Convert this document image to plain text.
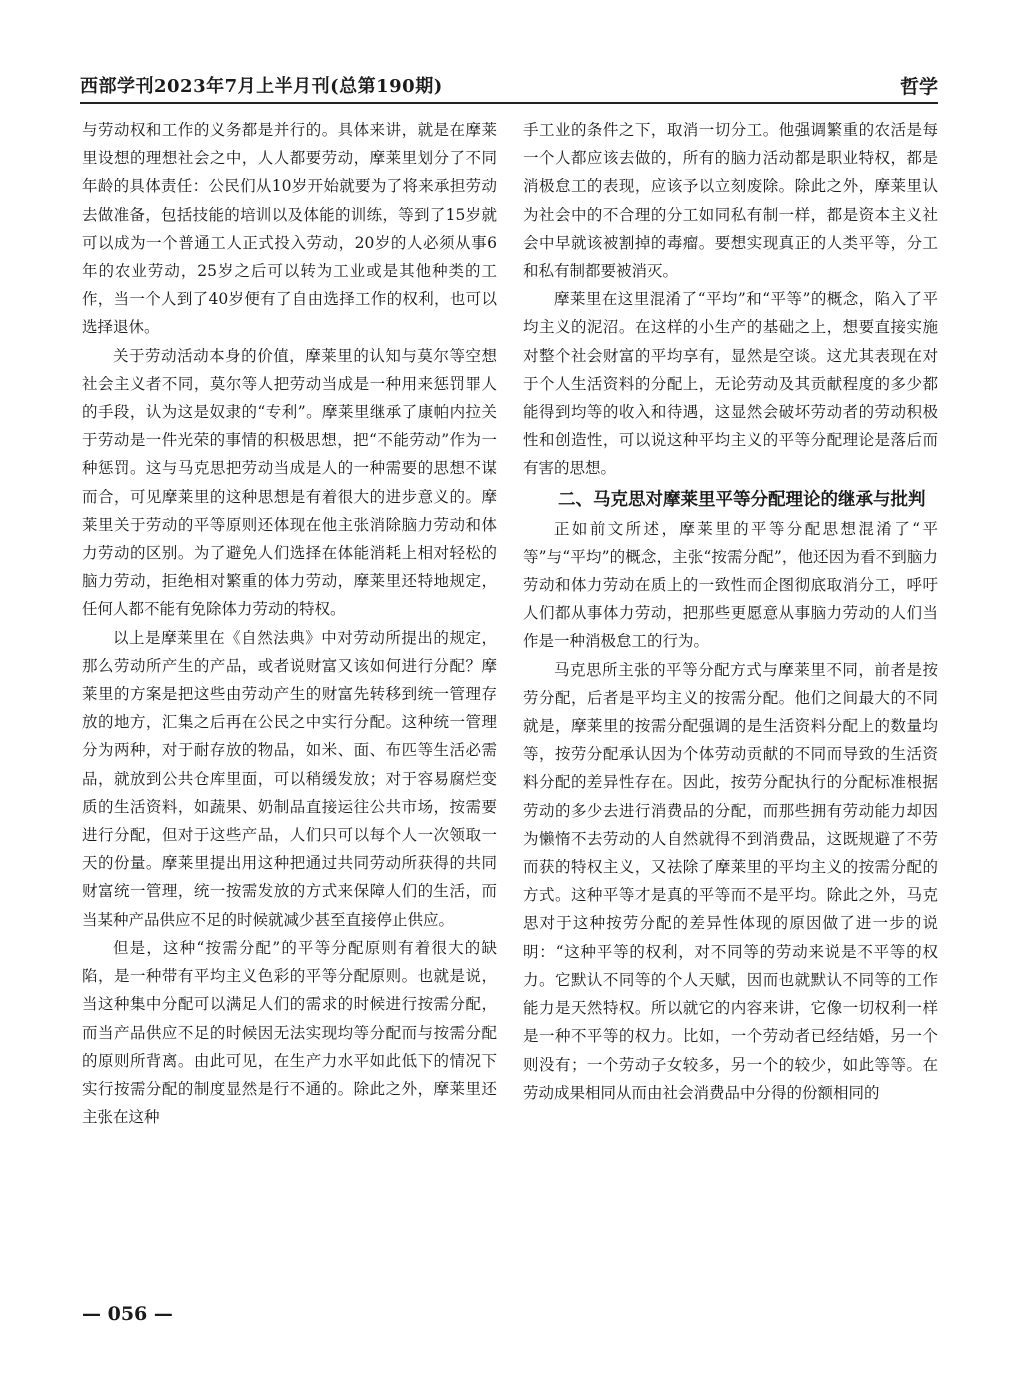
西部学刊2023年7月上半月刊(总第190期)	哲学

与劳动权和工作的义务都是并行的。具体来讲，就是在摩莱里设想的理想社会之中，人人都要劳动，摩莱里划分了不同年龄的具体责任：公民们从10岁开始就要为了将来承担劳动去做准备，包括技能的培训以及体能的训练，等到了15岁就可以成为一个普通工人正式投入劳动，20岁的人必须从事6年的农业劳动，25岁之后可以转为工业或是其他种类的工作，当一个人到了40岁便有了自由选择工作的权利，也可以选择退休。

关于劳动活动本身的价值，摩莱里的认知与莫尔等空想社会主义者不同，莫尔等人把劳动当成是一种用来惩罚罪人的手段，认为这是奴隶的“专利”。摩莱里继承了康帕内拉关于劳动是一件光荣的事情的积极思想，把“不能劳动”作为一种惩罚。这与马克思把劳动当成是人的一种需要的思想不谋而合，可见摩莱里的这种思想是有着很大的进步意义的。摩莱里关于劳动的平等原则还体现在他主张消除脑力劳动和体力劳动的区别。为了避免人们选择在体能消耗上相对轻松的脑力劳动，拒绝相对繁重的体力劳动，摩莱里还特地规定，任何人都不能有免除体力劳动的特权。

以上是摩莱里在《自然法典》中对劳动所提出的规定，那么劳动所产生的产品，或者说财富又该如何进行分配？摩莱里的方案是把这些由劳动产生的财富先转移到统一管理存放的地方，汇集之后再在公民之中实行分配。这种统一管理分为两种，对于耐存放的物品，如米、面、布匹等生活必需品，就放到公共仓库里面，可以稍缓发放；对于容易腐烂变质的生活资料，如蔬果、奶制品直接运往公共市场，按需要进行分配，但对于这些产品，人们只可以每个人一次领取一天的份量。摩莱里提出用这种把通过共同劳动所获得的共同财富统一管理，统一按需发放的方式来保障人们的生活，而当某种产品供应不足的时候就减少甚至直接停止供应。

但是，这种“按需分配”的平等分配原则有着很大的缺陷，是一种带有平均主义色彩的平等分配原则。也就是说，当这种集中分配可以满足人们的需求的时候进行按需分配，而当产品供应不足的时候因无法实现均等分配而与按需分配的原则所背离。由此可见，在生产力水平如此低下的情况下实行按需分配的制度显然是行不通的。除此之外，摩莱里还主张在这种

手工业的条件之下，取消一切分工。他强调繁重的农活是每一个人都应该去做的，所有的脑力活动都是职业特权，都是消极怠工的表现，应该予以立刻废除。除此之外，摩莱里认为社会中的不合理的分工如同私有制一样，都是资本主义社会中早就该被割掉的毒瘤。要想实现真正的人类平等，分工和私有制都要被消灭。

摩莱里在这里混淆了“平均”和“平等”的概念，陷入了平均主义的泥沼。在这样的小生产的基础之上，想要直接实施对整个社会财富的平均享有，显然是空谈。这尤其表现在对于个人生活资料的分配上，无论劳动及其贡献程度的多少都能得到均等的收入和待遇，这显然会破坏劳动者的劳动积极性和创造性，可以说这种平均主义的平等分配理论是落后而有害的思想。

二、马克思对摩莱里平等分配理论的继承与批判

正如前文所述，摩莱里的平等分配思想混淆了“平等”与“平均”的概念，主张“按需分配”，他还因为看不到脑力劳动和体力劳动在质上的一致性而企图彻底取消分工，呼吁人们都从事体力劳动，把那些更愿意从事脑力劳动的人们当作是一种消极怠工的行为。

马克思所主张的平等分配方式与摩莱里不同，前者是按劳分配，后者是平均主义的按需分配。他们之间最大的不同就是，摩莱里的按需分配强调的是生活资料分配上的数量均等，按劳分配承认因为个体劳动贡献的不同而导致的生活资料分配的差异性存在。因此，按劳分配执行的分配标准根据劳动的多少去进行消费品的分配，而那些拥有劳动能力却因为懒惰不去劳动的人自然就得不到消费品，这既规避了不劳而获的特权主义，又祛除了摩莱里的平均主义的按需分配的方式。这种平等才是真的平等而不是平均。除此之外，马克思对于这种按劳分配的差异性体现的原因做了进一步的说明：“这种平等的权利，对不同等的劳动来说是不平等的权力。它默认不同等的个人天赋，因而也就默认不同等的工作能力是天然特权。所以就它的内容来讲，它像一切权利一样是一种不平等的权力。比如，一个劳动者已经结婚，另一个则没有；一个劳动子女较多，另一个的较少，如此等等。在劳动成果相同从而由社会消费品中分得的份额相同的

— 056 —
